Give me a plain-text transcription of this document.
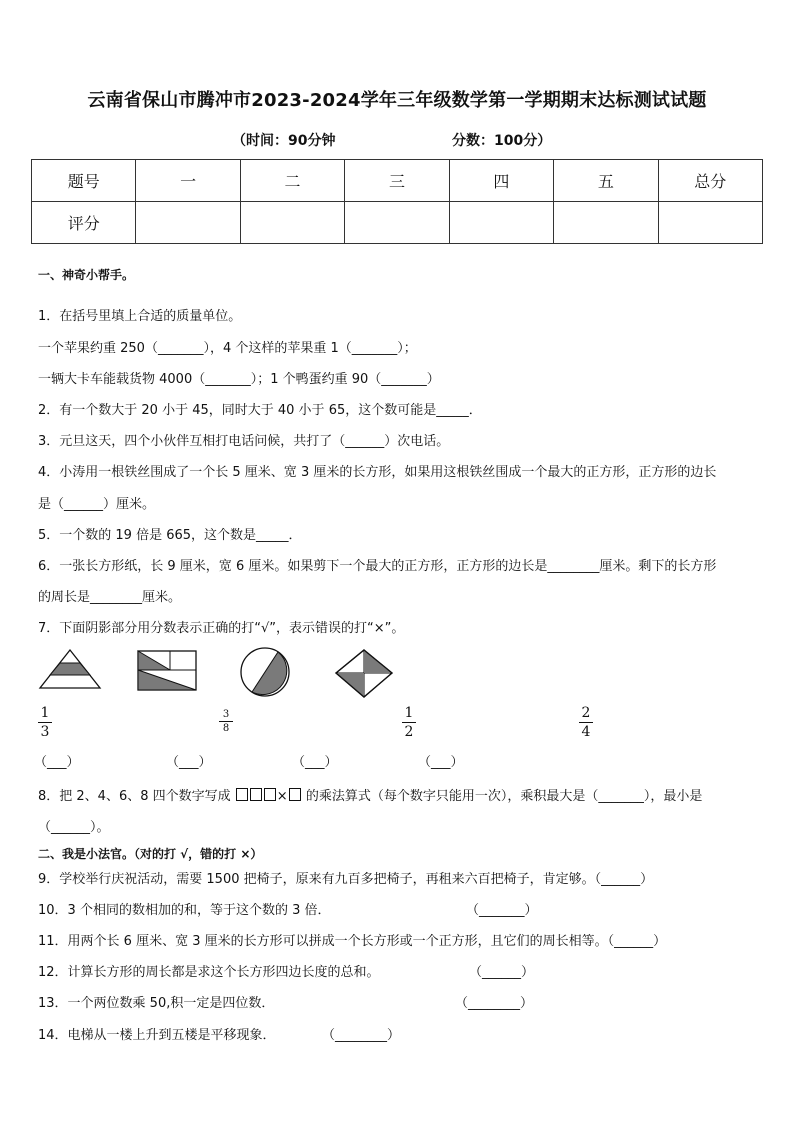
云南省保山市腾冲市2023-2024学年三年级数学第一学期期末达标测试试题
（时间：90分钟	分数：100分）
题号	一	二	三	四	五	总分
评分						
一、神奇小帮手。
1．在括号里填上合适的质量单位。
一个苹果约重 250（_______），4 个这样的苹果重 1（_______）；
一辆大卡车能载货物 4000（_______）；1 个鸭蛋约重 90（_______）
2．有一个数大于 20 小于 45，同时大于 40 小于 65，这个数可能是_____．
3．元旦这天，四个小伙伴互相打电话问候，共打了（______）次电话。
4．小涛用一根铁丝围成了一个长 5 厘米、宽 3 厘米的长方形，如果用这根铁丝围成一个最大的正方形，正方形的边长
是（______）厘米。
5．一个数的 19 倍是 665，这个数是_____．
6．一张长方形纸，长 9 厘米，宽 6 厘米。如果剪下一个最大的正方形，正方形的边长是________厘米。剩下的长方形
的周长是________厘米。
7．下面阴影部分用分数表示正确的打“√”，表示错误的打“×”。
1
3
3
8
1
2
2
4
（___）	（___）	（___）	（___）
8．把 2、4、6、8 四个数字写成	× 的乘法算式（每个数字只能用一次），乘积最大是（_______），最小是
（______）。
二、我是小法官。（对的打 √，错的打 ×）
9．学校举行庆祝活动，需要 1500 把椅子，原来有九百多把椅子，再租来六百把椅子，肯定够。（______）
10．3 个相同的数相加的和，等于这个数的 3 倍．	（_______）
11．用两个长 6 厘米、宽 3 厘米的长方形可以拼成一个长方形或一个正方形，且它们的周长相等。（______）
12．计算长方形的周长都是求这个长方形四边长度的总和。	（______）
13．一个两位数乘 50,积一定是四位数．	（________）
14．电梯从一楼上升到五楼是平移现象．	（________）
